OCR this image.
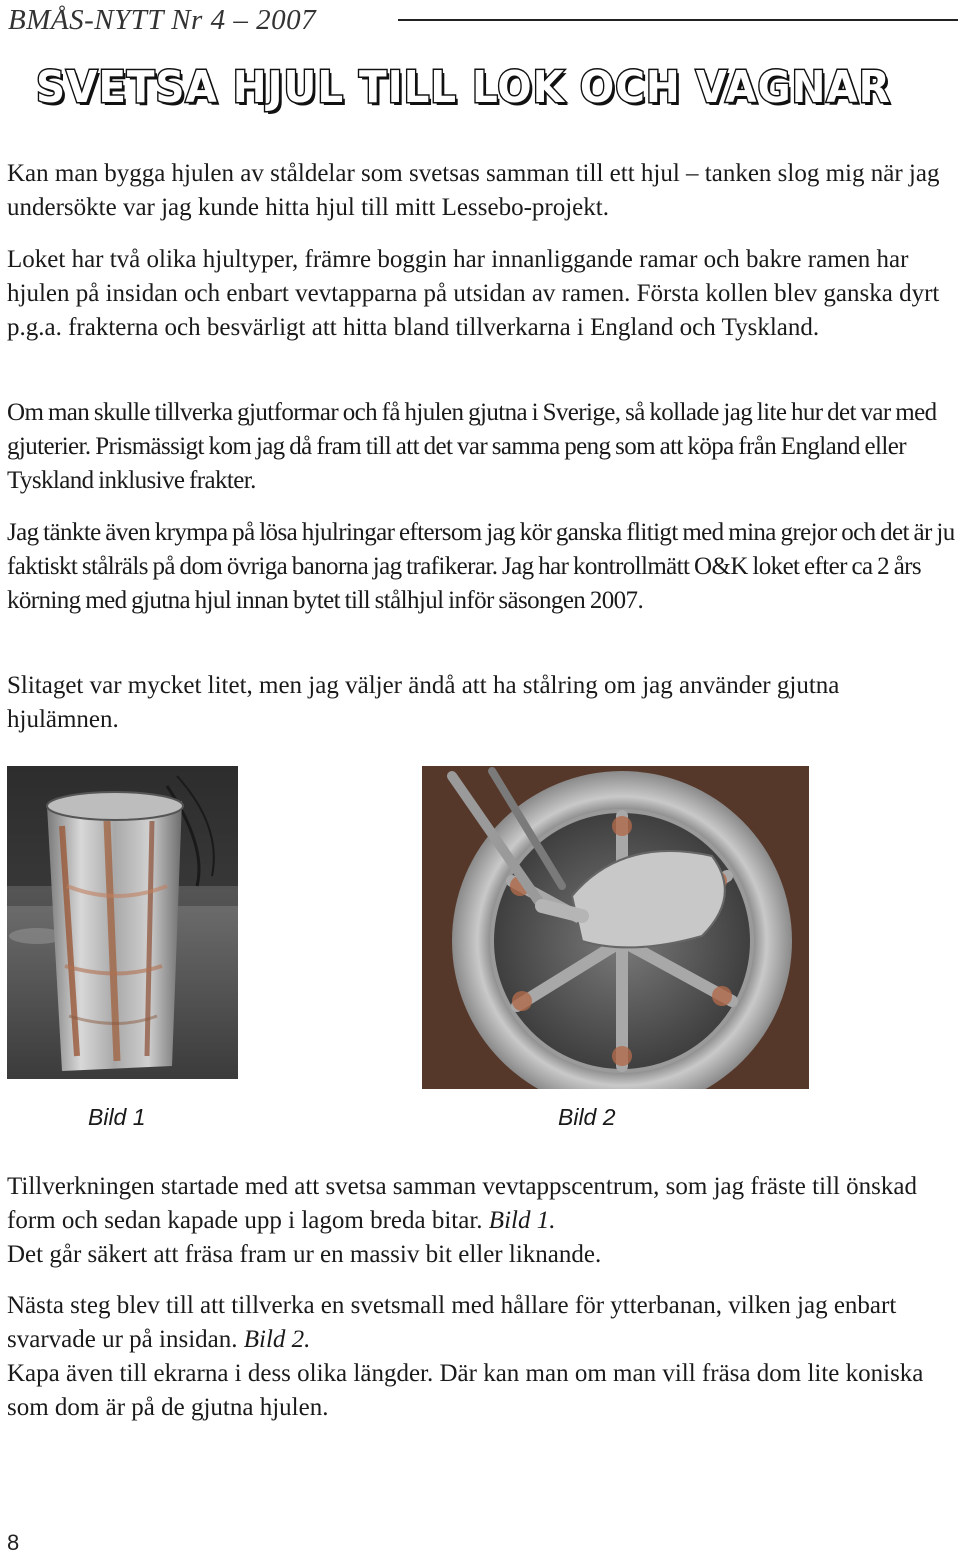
BMÅS-NYTT Nr 4 – 2007
SVETSA HJUL TILL LOK OCH VAGNAR

Kan man bygga hjulen av ståldelar som svetsas samman till ett hjul – tanken slog mig när jag undersökte var jag kunde hitta hjul till mitt Lessebo-projekt.

Loket har två olika hjultyper, främre boggin har innanliggande ramar och bakre ramen har hjulen på insidan och enbart vevtapparna på utsidan av ramen. Första kollen blev ganska dyrt p.g.a. frakterna och besvärligt att hitta bland tillverkarna i England och Tyskland.

Om man skulle tillverka gjutformar och få hjulen gjutna i Sverige, så kollade jag lite hur det var med gjuterier. Prismässigt kom jag då fram till att det var samma peng som att köpa från England eller Tyskland inklusive frakter.

Jag tänkte även krympa på lösa hjulringar eftersom jag kör ganska flitigt med mina grejor och det är ju faktiskt stålräls på dom övriga banorna jag trafikerar. Jag har kontrollmätt O&K loket efter ca 2 års körning med gjutna hjul innan bytet till stålhjul inför säsongen 2007.

Slitaget var mycket litet, men jag väljer ändå att ha stålring om jag använder gjutna hjulämnen.

Bild 1	Bild 2

Tillverkningen startade med att svetsa samman vevtappscentrum, som jag fräste till önskad form och sedan kapade upp i lagom breda bitar. Bild 1.

Det går säkert att fräsa fram ur en massiv bit eller liknande.

Nästa steg blev till att tillverka en svetsmall med hållare för ytterbanan, vilken jag enbart svarvade ur på insidan. Bild 2.

Kapa även till ekrarna i dess olika längder. Där kan man om man vill fräsa dom lite koniska som dom är på de gjutna hjulen.

8
